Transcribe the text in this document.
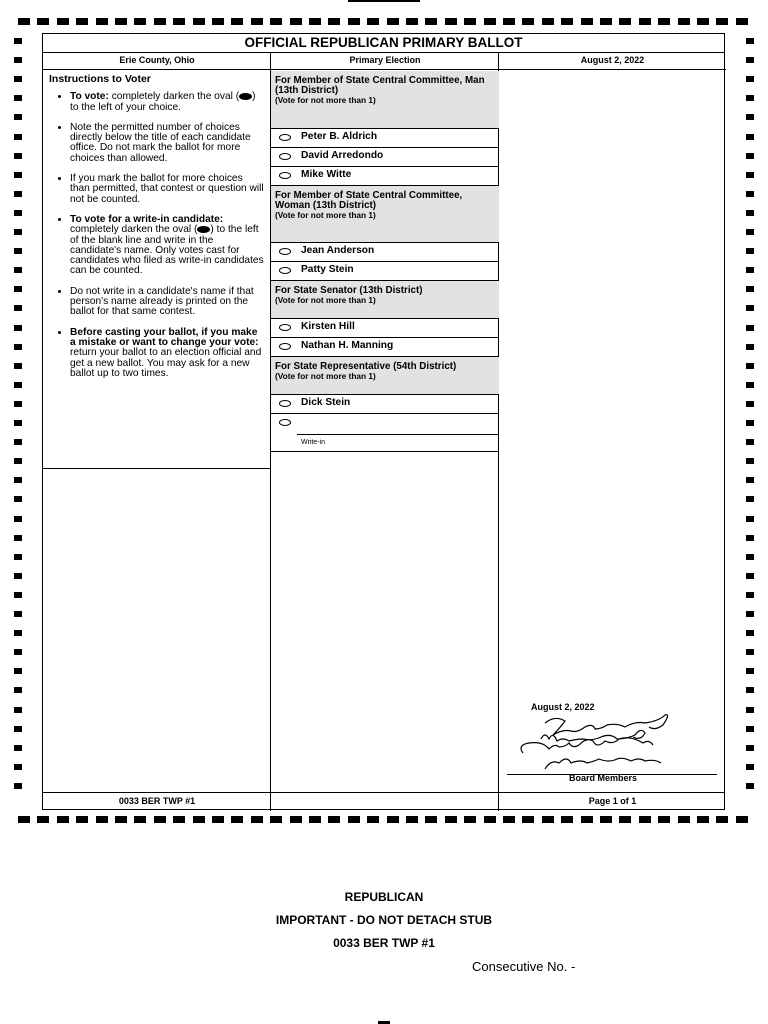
OFFICIAL REPUBLICAN PRIMARY BALLOT
Erie County, Ohio	Primary Election	August 2, 2022
Instructions to Voter
• To vote: completely darken the oval ( ) to the left of your choice.
• Note the permitted number of choices directly below the title of each candidate office. Do not mark the ballot for more choices than allowed.
• If you mark the ballot for more choices than permitted, that contest or question will not be counted.
• To vote for a write-in candidate: completely darken the oval ( ) to the left of the blank line and write in the candidate's name. Only votes cast for candidates who filed as write-in candidates can be counted.
• Do not write in a candidate's name if that person's name already is printed on the ballot for that same contest.
• Before casting your ballot, if you make a mistake or want to change your vote: return your ballot to an election official and get a new ballot. You may ask for a new ballot up to two times.
For Member of State Central Committee, Man (13th District)
(Vote for not more than 1)
Peter B. Aldrich
David Arredondo
Mike Witte
For Member of State Central Committee, Woman (13th District)
(Vote for not more than 1)
Jean Anderson
Patty Stein
For State Senator (13th District)
(Vote for not more than 1)
Kirsten Hill
Nathan H. Manning
For State Representative (54th District)
(Vote for not more than 1)
Dick Stein
Write-in
0033 BER TWP #1	Page 1 of 1
August 2, 2022
Board Members
REPUBLICAN
IMPORTANT - DO NOT DETACH STUB
0033 BER TWP #1
Consecutive No. -
